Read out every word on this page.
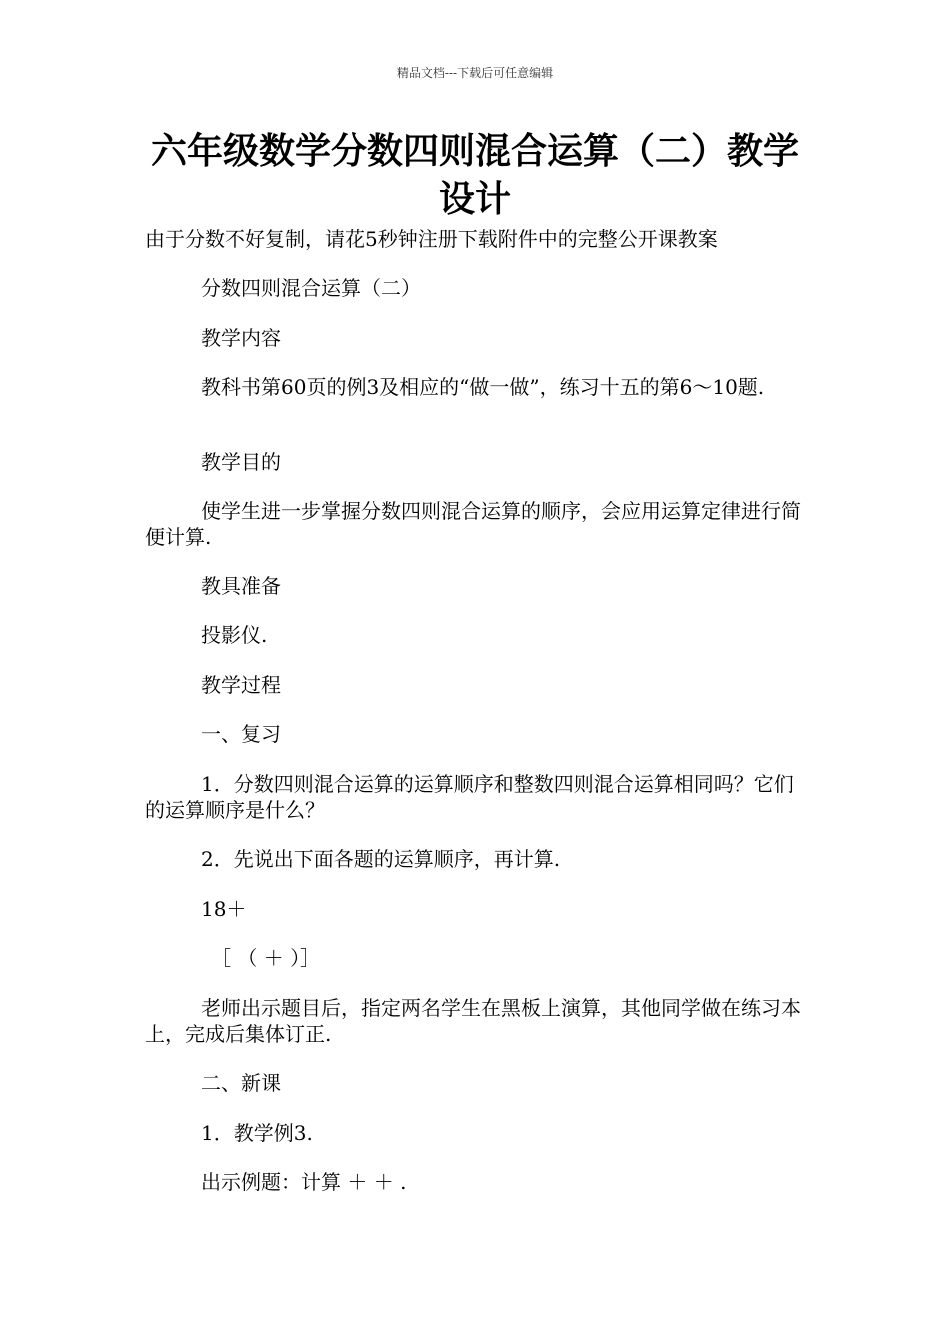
精品文档---下载后可任意编辑
六年级数学分数四则混合运算（二）教学设计

由于分数不好复制，请花5秒钟注册下载附件中的完整公开课教案

分数四则混合运算（二）

教学内容

教科书第60页的例3及相应的“做一做”，练习十五的第6～10题.

教学目的

使学生进一步掌握分数四则混合运算的顺序，会应用运算定律进行简便计算.

教具准备

投影仪.

教学过程

一、复习

1．分数四则混合运算的运算顺序和整数四则混合运算相同吗？它们的运算顺序是什么？

2．先说出下面各题的运算顺序，再计算.

18＋

［ （ ＋ ）］

老师出示题目后，指定两名学生在黑板上演算，其他同学做在练习本上，完成后集体订正.

二、新课

1．教学例3.

出示例题：计算 ＋ ＋ .
